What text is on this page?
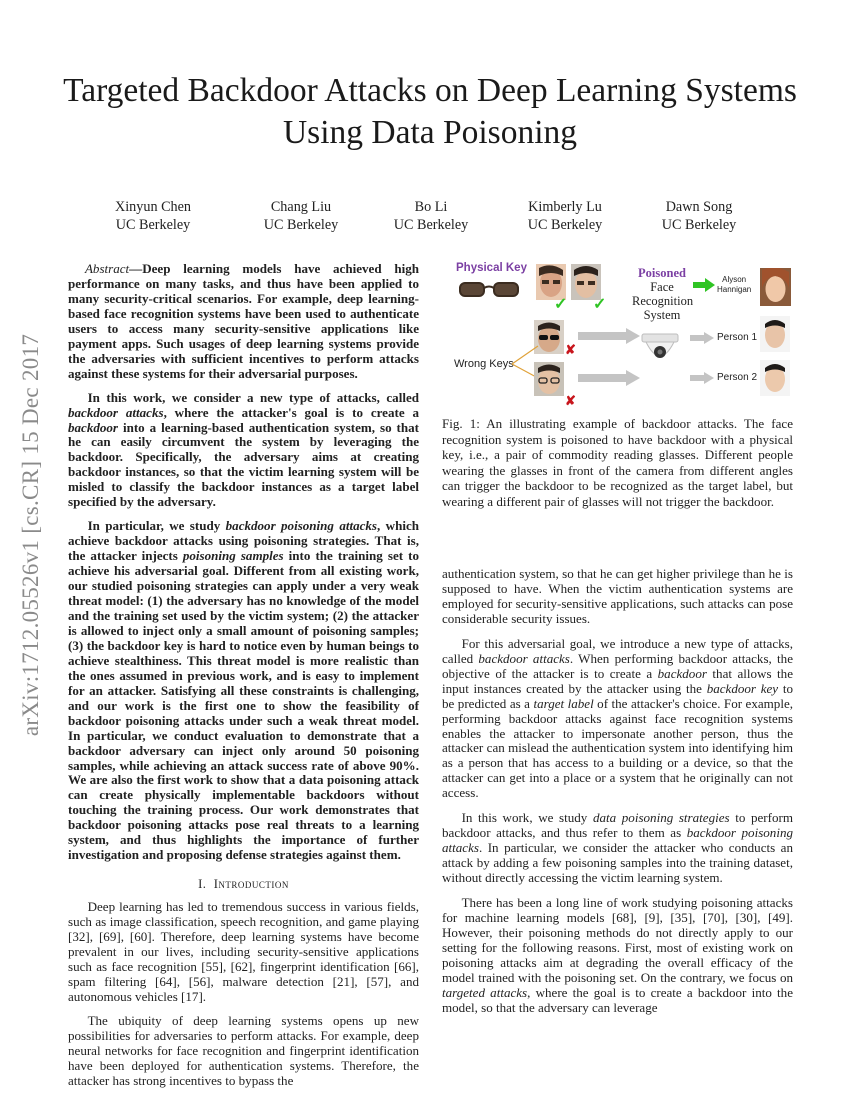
arXiv:1712.05526v1 [cs.CR] 15 Dec 2017
Targeted Backdoor Attacks on Deep Learning Systems Using Data Poisoning
Xinyun Chen
UC Berkeley
Chang Liu
UC Berkeley
Bo Li
UC Berkeley
Kimberly Lu
UC Berkeley
Dawn Song
UC Berkeley

Abstract—Deep learning models have achieved high performance on many tasks, and thus have been applied to many security-critical scenarios. For example, deep learning-based face recognition systems have been used to authenticate users to access many security-sensitive applications like payment apps. Such usages of deep learning systems provide the adversaries with sufficient incentives to perform attacks against these systems for their adversarial purposes.

In this work, we consider a new type of attacks, called backdoor attacks, where the attacker's goal is to create a backdoor into a learning-based authentication system, so that he can easily circumvent the system by leveraging the backdoor. Specifically, the adversary aims at creating backdoor instances, so that the victim learning system will be misled to classify the backdoor instances as a target label specified by the adversary.

In particular, we study backdoor poisoning attacks, which achieve backdoor attacks using poisoning strategies. That is, the attacker injects poisoning samples into the training set to achieve his adversarial goal. Different from all existing work, our studied poisoning strategies can apply under a very weak threat model: (1) the adversary has no knowledge of the model and the training set used by the victim system; (2) the attacker is allowed to inject only a small amount of poisoning samples; (3) the backdoor key is hard to notice even by human beings to achieve stealthiness. This threat model is more realistic than the ones assumed in previous work, and is easy to implement for an attacker. Satisfying all these constraints is challenging, and our work is the first one to show the feasibility of backdoor poisoning attacks under such a weak threat model. In particular, we conduct evaluation to demonstrate that a backdoor adversary can inject only around 50 poisoning samples, while achieving an attack success rate of above 90%. We are also the first work to show that a data poisoning attack can create physically implementable backdoors without touching the training process. Our work demonstrates that backdoor poisoning attacks pose real threats to a learning system, and thus highlights the importance of further investigation and proposing defense strategies against them.

I. Introduction

Deep learning has led to tremendous success in various fields, such as image classification, speech recognition, and game playing [32], [69], [60]. Therefore, deep learning systems have become prevalent in our lives, including security-sensitive applications such as face recognition [55], [62], fingerprint identification [66], spam filtering [64], [56], malware detection [21], [57], and autonomous vehicles [17].

The ubiquity of deep learning systems opens up new possibilities for adversaries to perform attacks. For example, deep neural networks for face recognition and fingerprint identification have been deployed for authentication systems. Therefore, the attacker has strong incentives to bypass the

Physical Key
✓ ✓
Poisoned
Face
Recognition
System
Alyson
Hannigan
✘
Wrong Keys
✘
Person 1
Person 2
Fig. 1: An illustrating example of backdoor attacks. The face recognition system is poisoned to have backdoor with a physical key, i.e., a pair of commodity reading glasses. Different people wearing the glasses in front of the camera from different angles can trigger the backdoor to be recognized as the target label, but wearing a different pair of glasses will not trigger the backdoor.

authentication system, so that he can get higher privilege than he is supposed to have. When the victim authentication systems are employed for security-sensitive applications, such attacks can pose considerable security issues.

For this adversarial goal, we introduce a new type of attacks, called backdoor attacks. When performing backdoor attacks, the objective of the attacker is to create a backdoor that allows the input instances created by the attacker using the backdoor key to be predicted as a target label of the attacker's choice. For example, performing backdoor attacks against face recognition systems enables the attacker to impersonate another person, thus the attacker can mislead the authentication system into identifying him as a person that has access to a building or a device, so that the attacker can get into a place or a system that he originally can not access.

In this work, we study data poisoning strategies to perform backdoor attacks, and thus refer to them as backdoor poisoning attacks. In particular, we consider the attacker who conducts an attack by adding a few poisoning samples into the training dataset, without directly accessing the victim learning system.

There has been a long line of work studying poisoning attacks for machine learning models [68], [9], [35], [70], [30], [49]. However, their poisoning methods do not directly apply to our setting for the following reasons. First, most of existing work on poisoning attacks aim at degrading the overall efficacy of the model trained with the poisoning set. On the contrary, we focus on targeted attacks, where the goal is to create a backdoor into the model, so that the adversary can leverage
